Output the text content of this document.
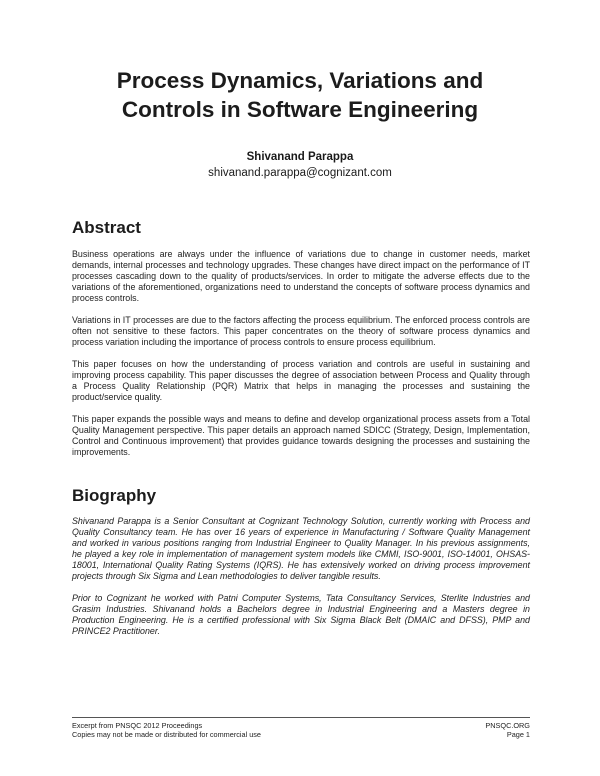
Process Dynamics, Variations and
Controls in Software Engineering
Shivanand Parappa
shivanand.parappa@cognizant.com
Abstract

Business operations are always under the influence of variations due to change in customer needs, market demands, internal processes and technology upgrades. These changes have direct impact on the performance of IT processes cascading down to the quality of products/services. In order to mitigate the adverse effects due to the variations of the aforementioned, organizations need to understand the concepts of software process dynamics and process controls.

Variations in IT processes are due to the factors affecting the process equilibrium. The enforced process controls are often not sensitive to these factors. This paper concentrates on the theory of software process dynamics and process variation including the importance of process controls to ensure process equilibrium.

This paper focuses on how the understanding of process variation and controls are useful in sustaining and improving process capability. This paper discusses the degree of association between Process and Quality through a Process Quality Relationship (PQR) Matrix that helps in managing the processes and sustaining the product/service quality.

This paper expands the possible ways and means to define and develop organizational process assets from a Total Quality Management perspective. This paper details an approach named SDICC (Strategy, Design, Implementation, Control and Continuous improvement) that provides guidance towards designing the processes and sustaining the improvements.

Biography

Shivanand Parappa is a Senior Consultant at Cognizant Technology Solution, currently working with Process and Quality Consultancy team. He has over 16 years of experience in Manufacturing / Software Quality Management and worked in various positions ranging from Industrial Engineer to Quality Manager. In his previous assignments, he played a key role in implementation of management system models like CMMI, ISO-9001, ISO-14001, OHSAS-18001, International Quality Rating Systems (IQRS). He has extensively worked on driving process improvement projects through Six Sigma and Lean methodologies to deliver tangible results.

Prior to Cognizant he worked with Patni Computer Systems, Tata Consultancy Services, Sterlite Industries and Grasim Industries. Shivanand holds a Bachelors degree in Industrial Engineering and a Masters degree in Production Engineering. He is a certified professional with Six Sigma Black Belt (DMAIC and DFSS), PMP and PRINCE2 Practitioner.

Excerpt from PNSQC 2012 Proceedings	PNSQC.ORG
Copies may not be made or distributed for commercial use	Page 1
